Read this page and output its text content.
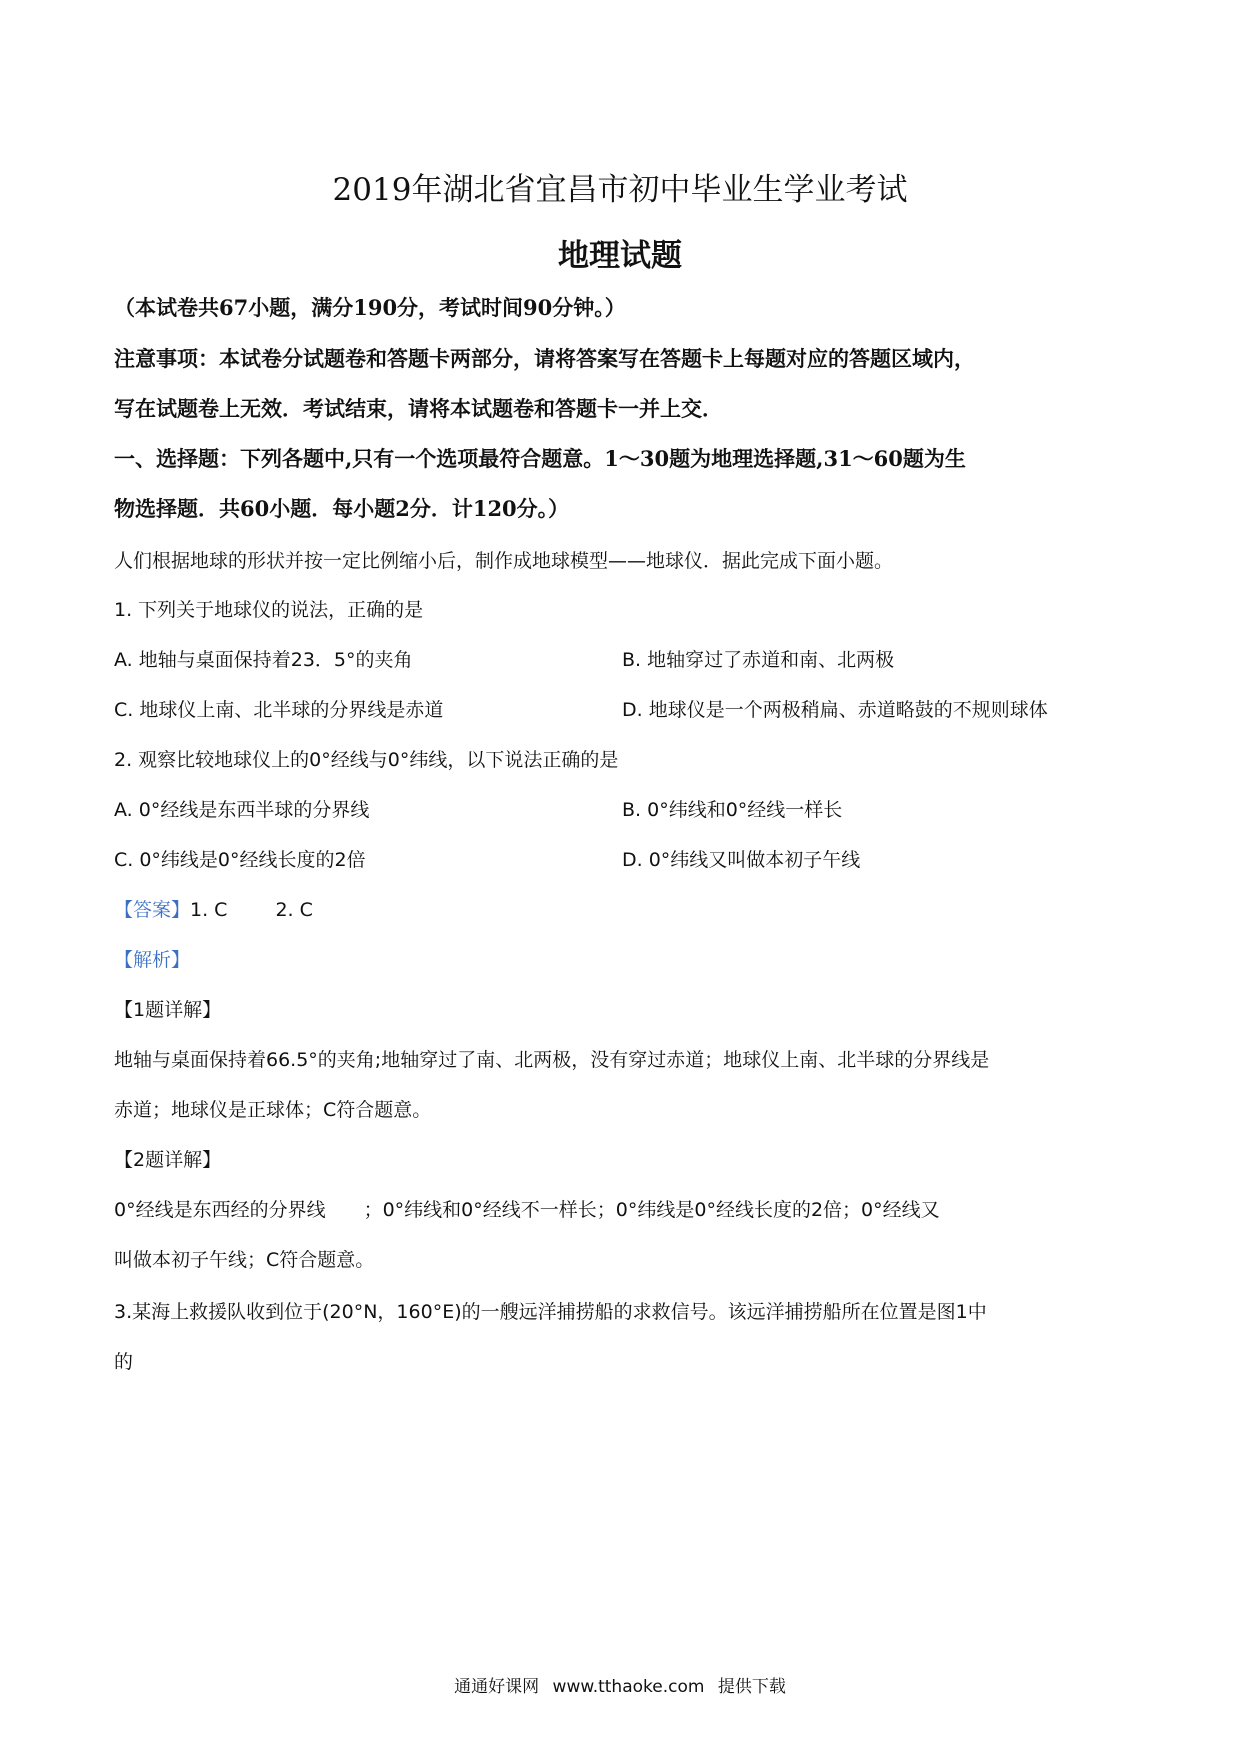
2019年湖北省宜昌市初中毕业生学业考试
地理试题

（本试卷共67小题，满分190分，考试时间90分钟。）

注意事项：本试卷分试题卷和答题卡两部分，请将答案写在答题卡上每题对应的答题区域内，

写在试题卷上无效．考试结束，请将本试题卷和答题卡一并上交．

一、选择题：下列各题中,只有一个选项最符合题意。1～30题为地理选择题,31～60题为生

物选择题．共60小题．每小题2分．计120分。）

人们根据地球的形状并按一定比例缩小后，制作成地球模型——地球仪．据此完成下面小题。

1. 下列关于地球仪的说法，正确的是

A. 地轴与桌面保持着23．5°的夹角	B. 地轴穿过了赤道和南、北两极

C. 地球仪上南、北半球的分界线是赤道	D. 地球仪是一个两极稍扁、赤道略鼓的不规则球体

2. 观察比较地球仪上的0°经线与0°纬线，以下说法正确的是

A. 0°经线是东西半球的分界线	B. 0°纬线和0°经线一样长

C. 0°纬线是0°经线长度的2倍	D. 0°纬线又叫做本初子午线

【答案】1. C	2. C

【解析】

【1题详解】

地轴与桌面保持着66.5°的夹角;地轴穿过了南、北两极，没有穿过赤道；地球仪上南、北半球的分界线是

赤道；地球仪是正球体；C符合题意。

【2题详解】

0°经线是东西经的分界线　　；0°纬线和0°经线不一样长；0°纬线是0°经线长度的2倍；0°经线又

叫做本初子午线；C符合题意。

3.某海上救援队收到位于(20°N，160°E)的一艘远洋捕捞船的求救信号。该远洋捕捞船所在位置是图1中

的

通通好课网 www.tthaoke.com 提供下载
